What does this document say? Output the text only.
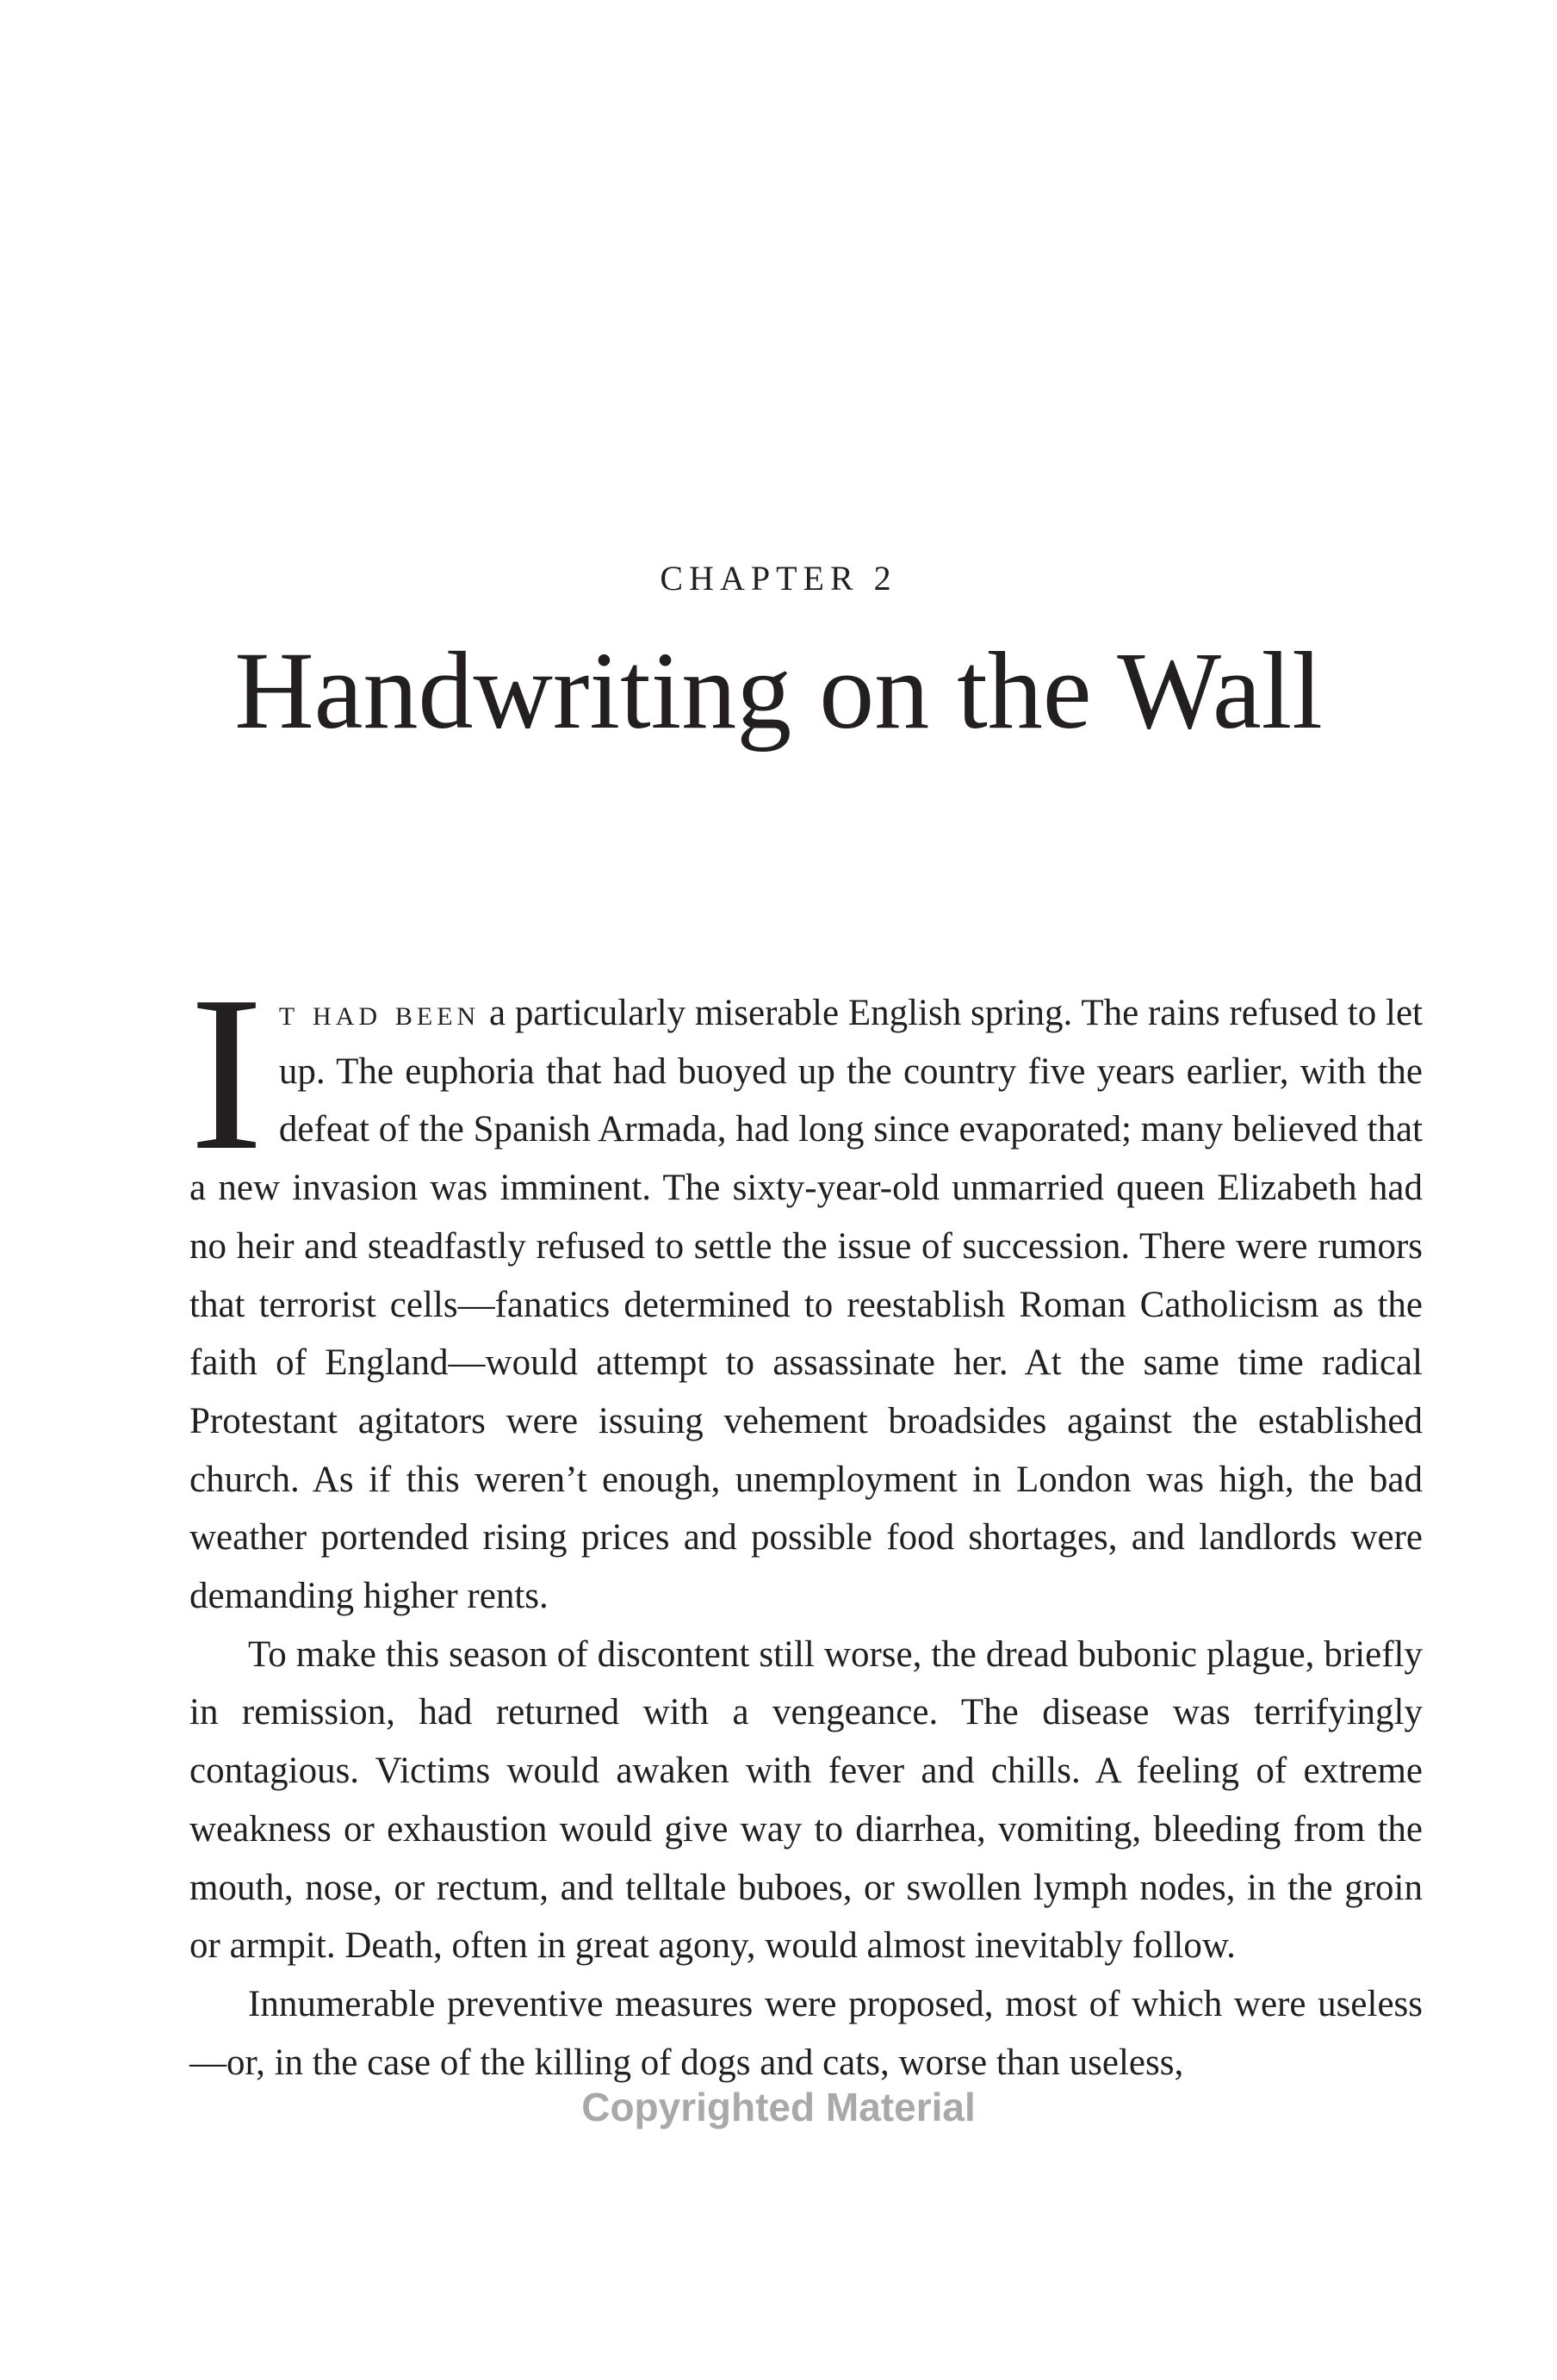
CHAPTER 2
Handwriting on the Wall

It had been a particularly miserable English spring. The rains refused to let up. The euphoria that had buoyed up the country five years earlier, with the defeat of the Spanish Armada, had long since evaporated; many believed that a new invasion was imminent. The sixty-year-old unmarried queen Elizabeth had no heir and steadfastly refused to settle the issue of succession. There were rumors that terrorist cells—fanatics determined to reestablish Roman Catholicism as the faith of England—would attempt to assassinate her. At the same time radical Protestant agitators were issuing vehement broadsides against the established church. As if this weren’t enough, unemployment in London was high, the bad weather portended rising prices and possible food shortages, and landlords were demanding higher rents.

To make this season of discontent still worse, the dread bubonic plague, briefly in remission, had returned with a vengeance. The disease was terrifyingly contagious. Victims would awaken with fever and chills. A feeling of extreme weakness or exhaustion would give way to diarrhea, vomiting, bleeding from the mouth, nose, or rectum, and telltale buboes, or swollen lymph nodes, in the groin or armpit. Death, often in great agony, would almost inevitably follow.

Innumerable preventive measures were proposed, most of which were useless—or, in the case of the killing of dogs and cats, worse than useless,

Copyrighted Material
